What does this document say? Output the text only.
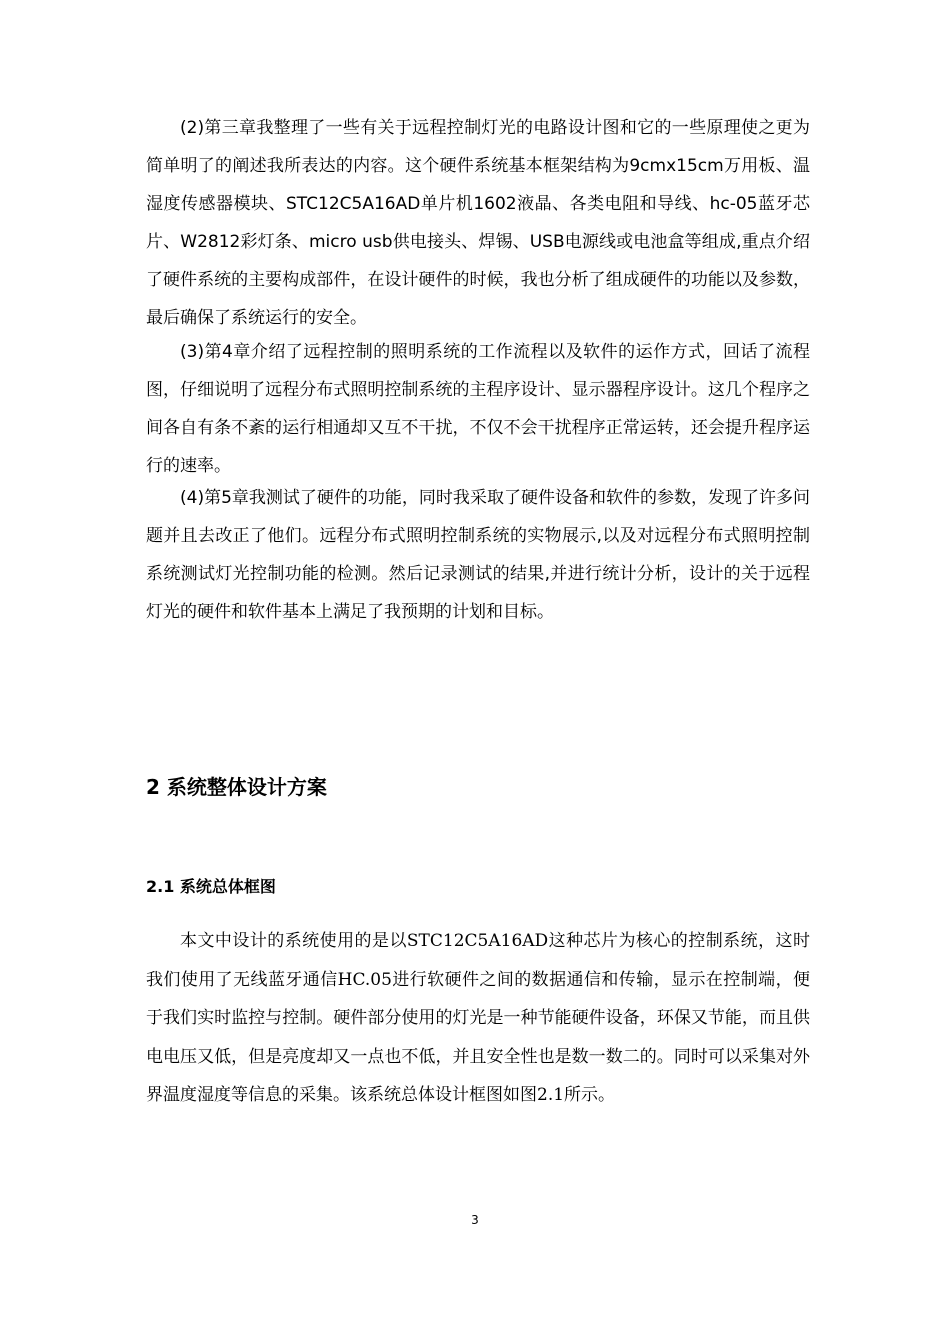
(2)第三章我整理了一些有关于远程控制灯光的电路设计图和它的一些原理使之更为简单明了的阐述我所表达的内容。这个硬件系统基本框架结构为9cmx15cm万用板、温湿度传感器模块、STC12C5A16AD单片机1602液晶、各类电阻和导线、hc-05蓝牙芯片、W2812彩灯条、micro usb供电接头、焊锡、USB电源线或电池盒等组成,重点介绍了硬件系统的主要构成部件，在设计硬件的时候，我也分析了组成硬件的功能以及参数，最后确保了系统运行的安全。

(3)第4章介绍了远程控制的照明系统的工作流程以及软件的运作方式，回话了流程图，仔细说明了远程分布式照明控制系统的主程序设计、显示器程序设计。这几个程序之间各自有条不紊的运行相通却又互不干扰，不仅不会干扰程序正常运转，还会提升程序运行的速率。

(4)第5章我测试了硬件的功能，同时我采取了硬件设备和软件的参数，发现了许多问题并且去改正了他们。远程分布式照明控制系统的实物展示,以及对远程分布式照明控制系统测试灯光控制功能的检测。然后记录测试的结果,并进行统计分析，设计的关于远程灯光的硬件和软件基本上满足了我预期的计划和目标。

2 系统整体设计方案
2.1 系统总体框图

本文中设计的系统使用的是以STC12C5A16AD这种芯片为核心的控制系统，这时我们使用了无线蓝牙通信HC.05进行软硬件之间的数据通信和传输，显示在控制端，便于我们实时监控与控制。硬件部分使用的灯光是一种节能硬件设备，环保又节能，而且供电电压又低，但是亮度却又一点也不低，并且安全性也是数一数二的。同时可以采集对外界温度湿度等信息的采集。该系统总体设计框图如图2.1所示。

3
